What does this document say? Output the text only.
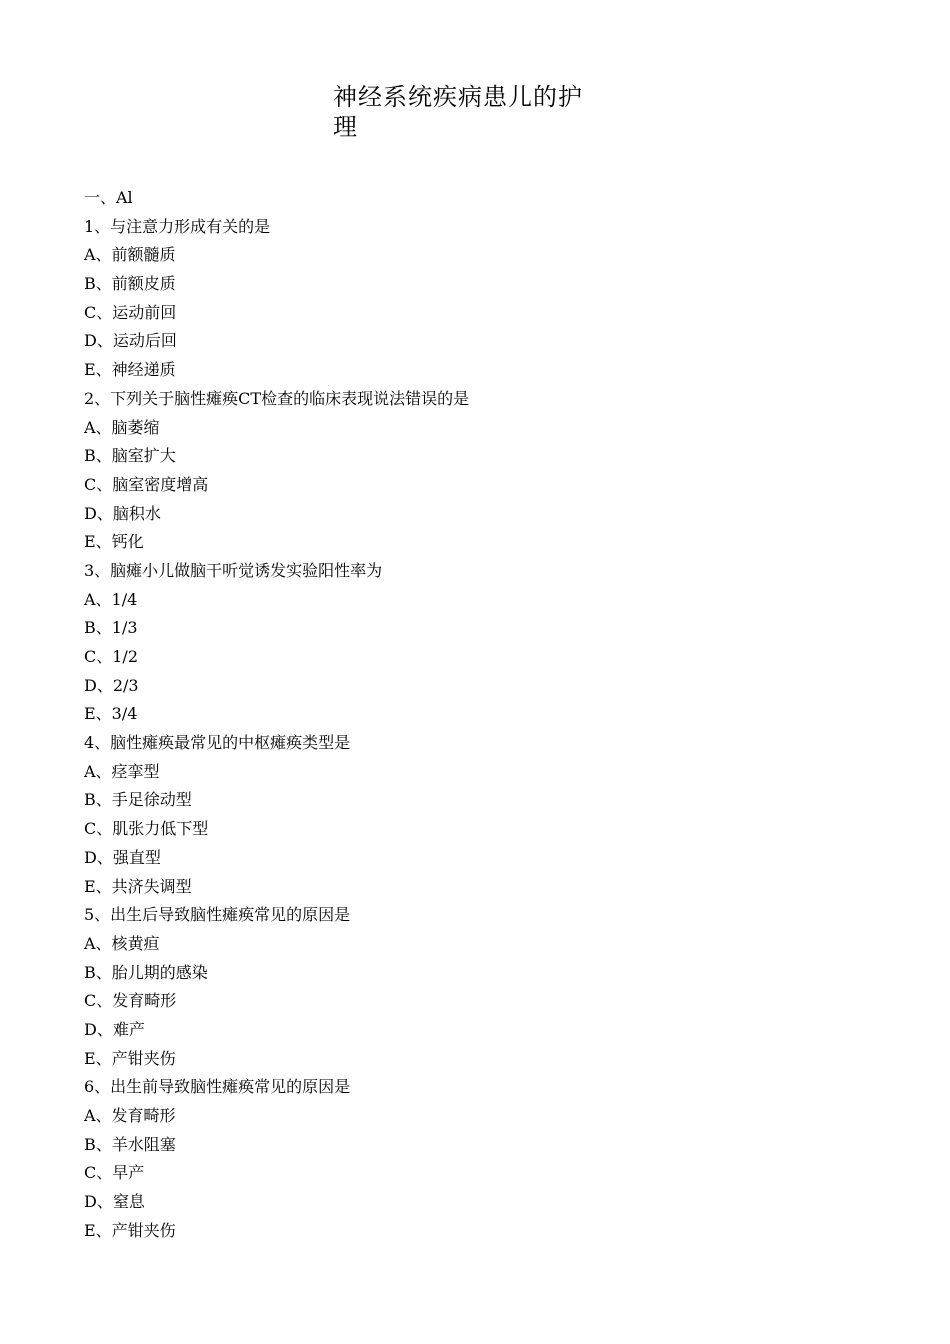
神经系统疾病患儿的护
理
一、Al
1、与注意力形成有关的是
A、前额髓质
B、前额皮质
C、运动前回
D、运动后回
E、神经递质
2、下列关于脑性瘫痪CT检查的临床表现说法错误的是
A、脑萎缩
B、脑室扩大
C、脑室密度增高
D、脑积水
E、钙化
3、脑瘫小儿做脑干听觉诱发实验阳性率为
A、1/4
B、1/3
C、1/2
D、2/3
E、3/4
4、脑性瘫痪最常见的中枢瘫痪类型是
A、痉挛型
B、手足徐动型
C、肌张力低下型
D、强直型
E、共济失调型
5、出生后导致脑性瘫痪常见的原因是
A、核黄疸
B、胎儿期的感染
C、发育畸形
D、难产
E、产钳夹伤
6、出生前导致脑性瘫痪常见的原因是
A、发育畸形
B、羊水阻塞
C、早产
D、窒息
E、产钳夹伤
